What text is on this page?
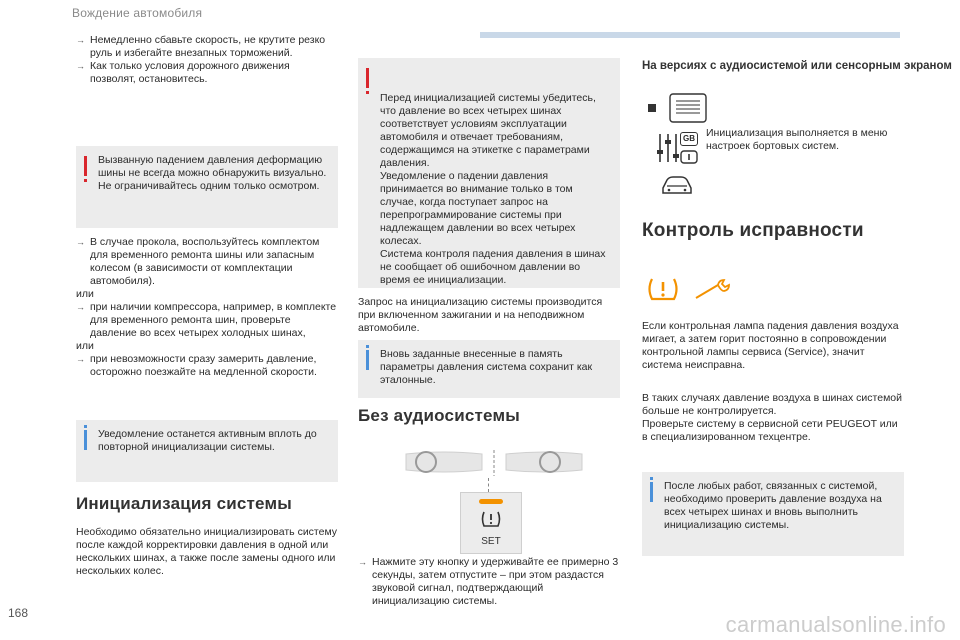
Вождение автомобиля
→ Немедленно сбавьте скорость, не крутите резко руль и избегайте внезапных торможений.
→ Как только условия дорожного движения позволят, остановитесь.
Вызванную падением давления деформацию шины не всегда можно обнаружить визуально. Не ограничивайтесь одним только осмотром.
→ В случае прокола, воспользуйтесь комплектом для временного ремонта шины или запасным колесом (в зависимости от комплектации автомобиля).
или
→ при наличии компрессора, например, в комплекте для временного ремонта шин, проверьте давление во всех четырех холодных шинах,
или
→ при невозможности сразу замерить давление, осторожно поезжайте на медленной скорости.
Уведомление останется активным вплоть до повторной инициализации системы.
Инициализация системы
Необходимо обязательно инициализировать систему после каждой корректировки давления в одной или нескольких шинах, а также после замены одного или нескольких колес.

Перед инициализацией системы убедитесь, что давление во всех четырех шинах соответствует условиям эксплуатации автомобиля и отвечает требованиям, содержащимся на этикетке с параметрами давления.
Уведомление о падении давления принимается во внимание только в том случае, когда поступает запрос на перепрограммирование системы при надлежащем давлении во всех четырех колесах.
Система контроля падения давления в шинах не сообщает об ошибочном давлении во время ее инициализации.

Запрос на инициализацию системы производится при включенном зажигании и на неподвижном автомобиле.
Вновь заданные внесенные в память параметры давления система сохранит как эталонные.
Без аудиосистемы
SET
→ Нажмите эту кнопку и удерживайте ее примерно 3 секунды, затем отпустите – при этом раздастся звуковой сигнал, подтверждающий инициализацию системы.
На версиях с аудиосистемой или сенсорным экраном
GB Инициализация выполняется в меню настроек бортовых систем.
Контроль исправности
Если контрольная лампа падения давления воздуха мигает, а затем горит постоянно в сопровождении контрольной лампы сервиса (Service), значит система неисправна.
В таких случаях давление воздуха в шинах системой больше не контролируется.
Проверьте систему в сервисной сети PEUGEOT или в специализированном техцентре.
После любых работ, связанных с системой, необходимо проверить давление воздуха на всех четырех шинах и вновь выполнить инициализацию системы.
168	carmanualsonline.info
